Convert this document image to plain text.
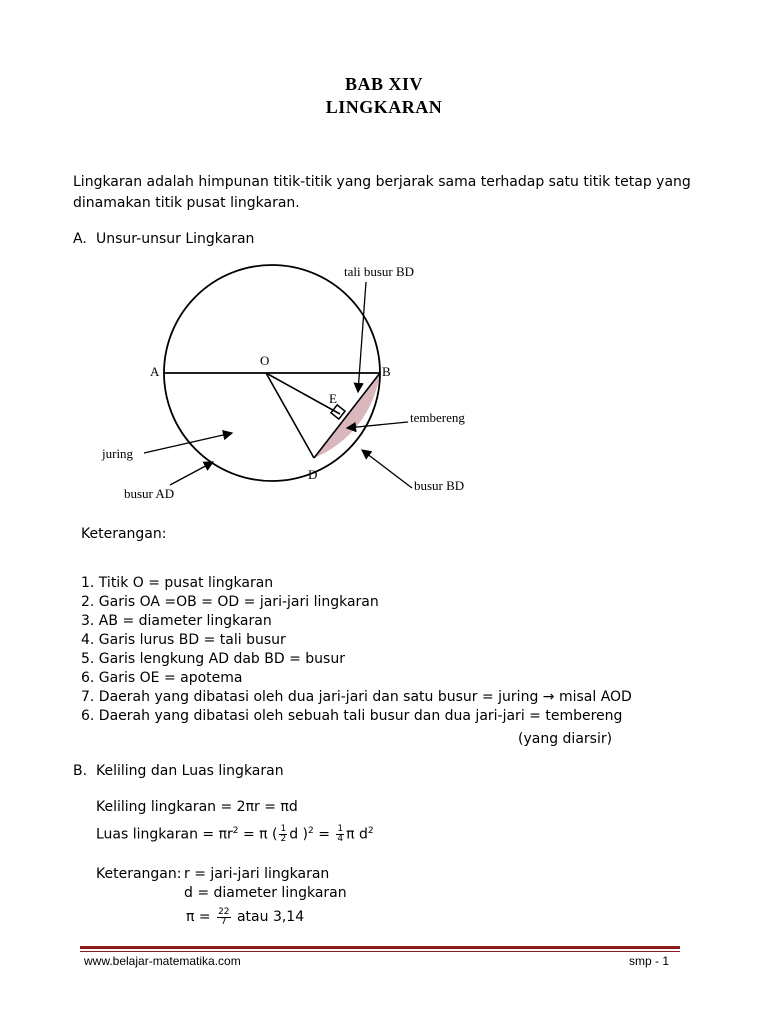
BAB XIV
LINGKARAN
Lingkaran adalah himpunan titik-titik yang berjarak sama terhadap satu titik tetap yang
dinamakan titik pusat lingkaran.
A. Unsur-unsur Lingkaran
A
O
B
E
D
tali busur BD
tembereng
juring
busur AD
busur BD
Keterangan:
1. Titik O = pusat lingkaran
2. Garis OA =OB = OD = jari-jari lingkaran
3. AB = diameter lingkaran
4. Garis lurus BD = tali busur
5. Garis lengkung AD dab BD = busur
6. Garis OE = apotema
7. Daerah yang dibatasi oleh dua jari-jari dan satu busur = juring → misal AOD
6. Daerah yang dibatasi oleh sebuah tali busur dan dua jari-jari = tembereng
(yang diarsir)
B. Keliling dan Luas lingkaran
Keliling lingkaran = 2πr = πd
Luas lingkaran = $\pi r^2 = \pi$ ( $\frac{1}{2}$ d )$^2 = \frac{1}{4}$ π $d^2$
Keterangan: r = jari-jari lingkaran
d = diameter lingkaran
$\pi = \frac{22}{7}$ atau 3,14
www.belajar-matematika.com	smp - 1
